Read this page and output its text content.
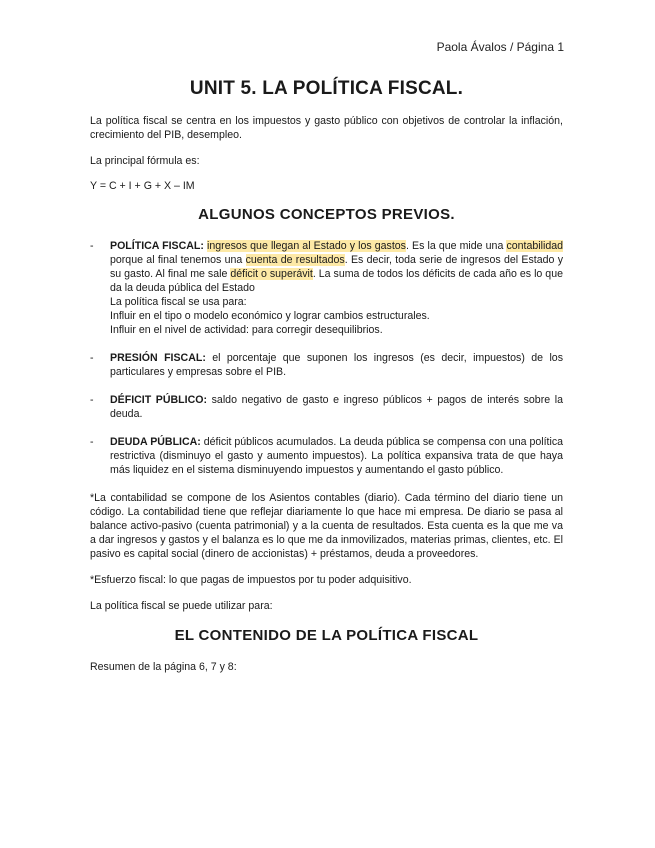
Paola Ávalos / Página 1
UNIT 5. LA POLÍTICA FISCAL.

La política fiscal se centra en los impuestos y gasto público con objetivos de controlar la inflación, crecimiento del PIB, desempleo.

La principal fórmula es:

Y = C + I + G + X – IM
ALGUNOS CONCEPTOS PREVIOS.
- POLÍTICA FISCAL: ingresos que llegan al Estado y los gastos. Es la que mide una contabilidad porque al final tenemos una cuenta de resultados. Es decir, toda serie de ingresos del Estado y su gasto. Al final me sale déficit o superávit. La suma de todos los déficits de cada año es lo que da la deuda pública del Estado
La política fiscal se usa para:
Influir en el tipo o modelo económico y lograr cambios estructurales.
Influir en el nivel de actividad: para corregir desequilibrios.
- PRESIÓN FISCAL: el porcentaje que suponen los ingresos (es decir, impuestos) de los particulares y empresas sobre el PIB.
- DÉFICIT PÚBLICO: saldo negativo de gasto e ingreso públicos + pagos de interés sobre la deuda.
- DEUDA PÚBLICA: déficit públicos acumulados. La deuda pública se compensa con una política restrictiva (disminuyo el gasto y aumento impuestos). La política expansiva trata de que haya más liquidez en el sistema disminuyendo impuestos y aumentando el gasto público.

*La contabilidad se compone de los Asientos contables (diario). Cada término del diario tiene un código. La contabilidad tiene que reflejar diariamente lo que hace mi empresa. De diario se pasa al balance activo-pasivo (cuenta patrimonial) y a la cuenta de resultados. Esta cuenta es la que me va a dar ingresos y gastos y el balanza es lo que me da inmovilizados, materias primas, clientes, etc. El pasivo es capital social (dinero de accionistas) + préstamos, deuda a proveedores.

*Esfuerzo fiscal: lo que pagas de impuestos por tu poder adquisitivo.

La política fiscal se puede utilizar para:

EL CONTENIDO DE LA POLÍTICA FISCAL

Resumen de la página 6, 7 y 8:
